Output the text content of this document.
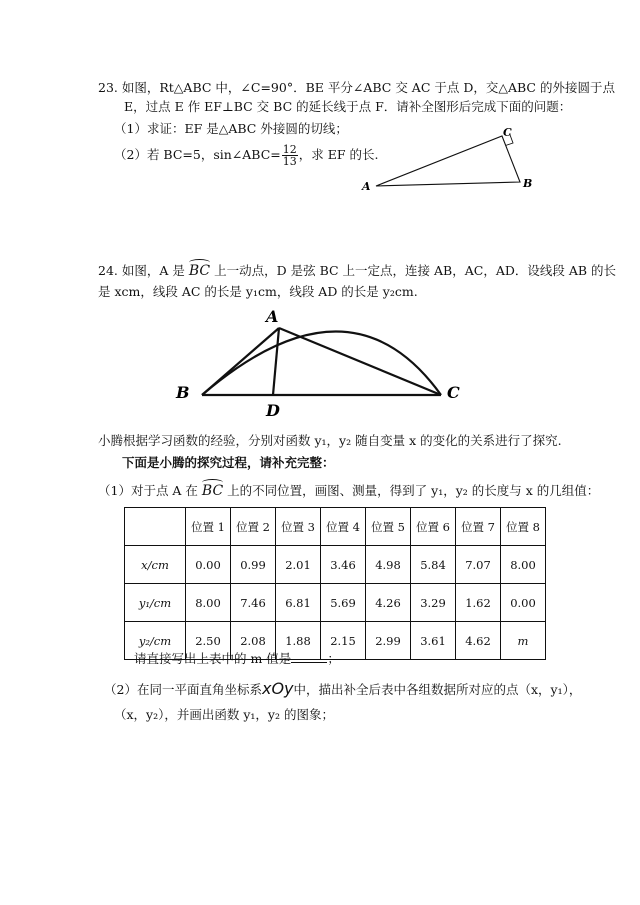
23. 如图，Rt△ABC 中，∠C=90°．BE 平分∠ABC 交 AC 于点 D，交△ABC 的外接圆于点
E，过点 E 作 EF⊥BC 交 BC 的延长线于点 F．请补全图形后完成下面的问题：
（1）求证：EF 是△ABC 外接圆的切线；
（2）若 BC=5，sin∠ABC= $\frac{12}{13}$ ，求 EF 的长.
A	B
C
24. 如图，A 是 BC 上一动点，D 是弦 BC 上一定点，连接 AB，AC，AD．设线段 AB 的长
是 xcm，线段 AC 的长是 y₁cm，线段 AD 的长是 y₂cm.
A
B	C
D
小腾根据学习函数的经验，分别对函数 y₁，y₂ 随自变量 x 的变化的关系进行了探究.
下面是小腾的探究过程，请补充完整：
（1）对于点 A 在 BC 上的不同位置，画图、测量，得到了 y₁，y₂ 的长度与 x 的几组值：
	位置 1	位置 2	位置 3	位置 4	位置 5	位置 6	位置 7	位置 8
x/cm	0.00	0.99	2.01	3.46	4.98	5.84	7.07	8.00
y₁/cm	8.00	7.46	6.81	5.69	4.26	3.29	1.62	0.00
y₂/cm	2.50	2.08	1.88	2.15	2.99	3.61	4.62	m
请直接写出上表中的 m 值是	；
（2）在同一平面直角坐标系xOy中，描出补全后表中各组数据所对应的点（x，y₁），
（x，y₂），并画出函数 y₁，y₂ 的图象；
